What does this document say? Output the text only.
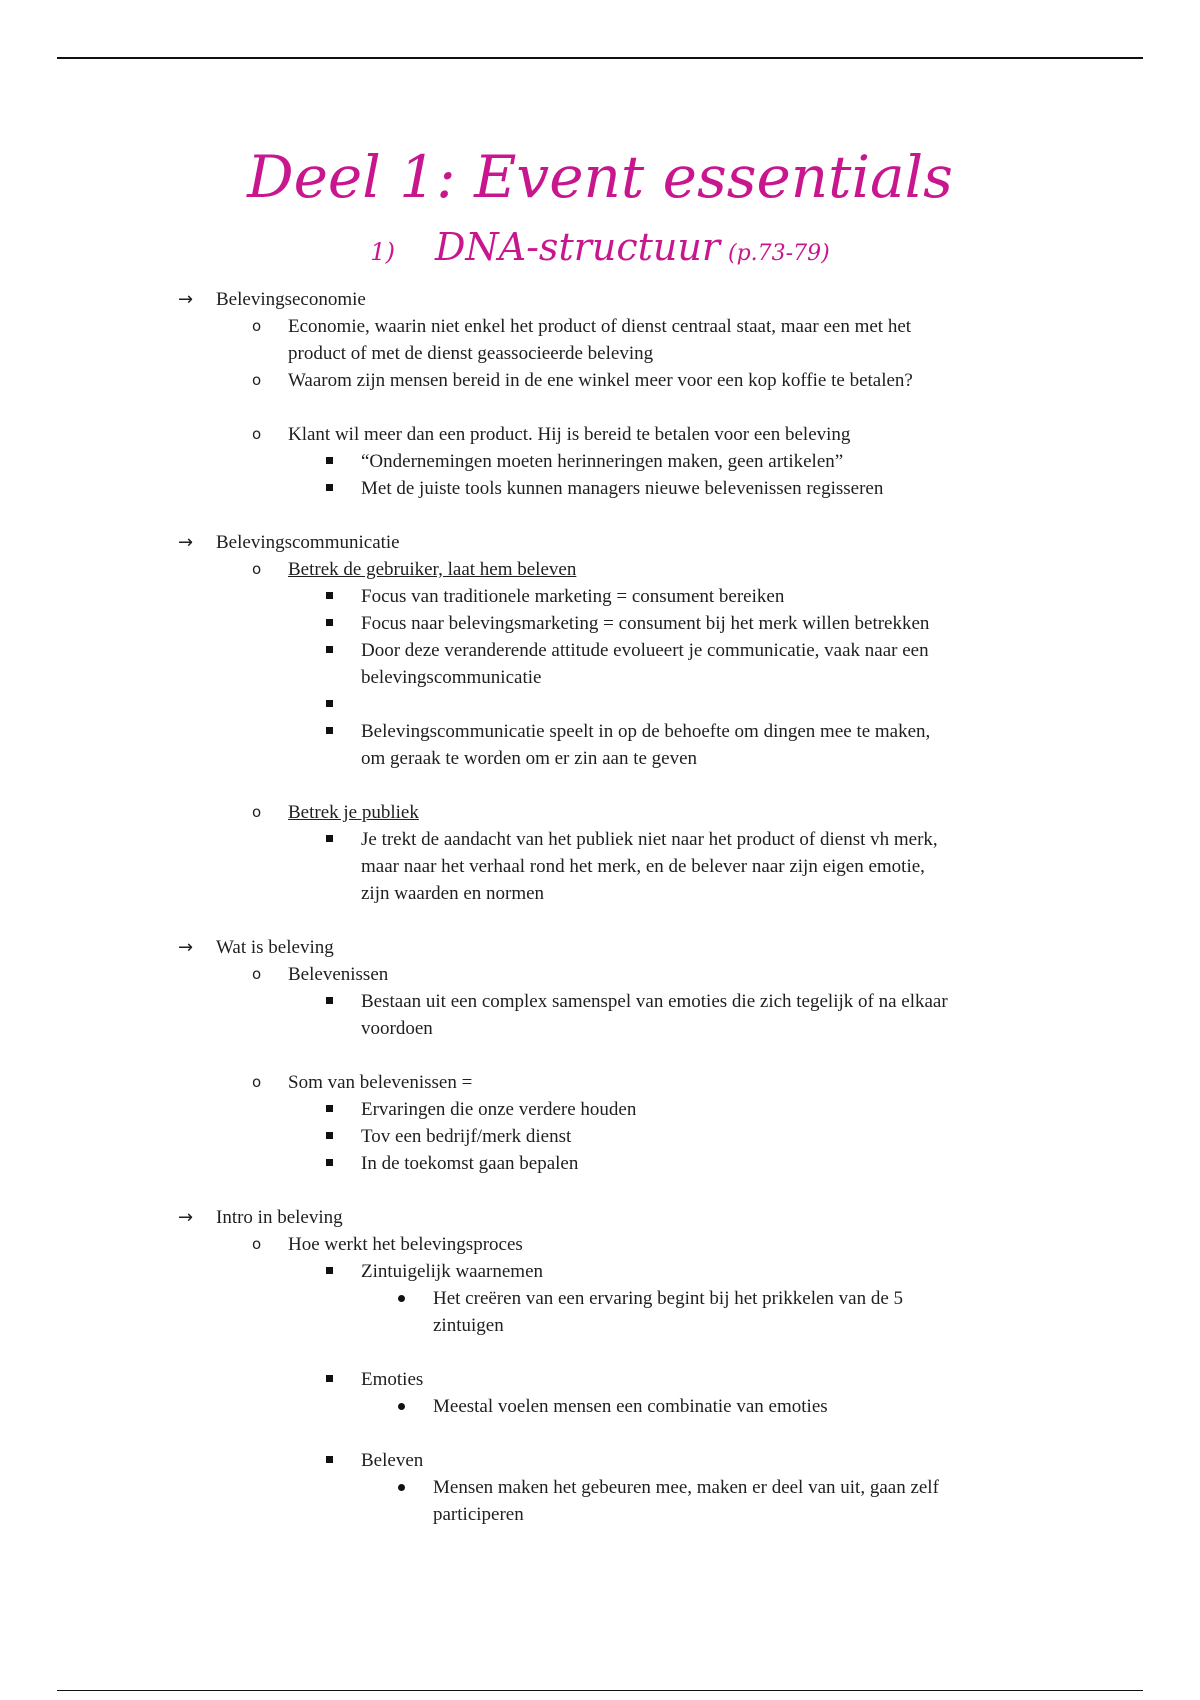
Deel 1: Event essentials
1) DNA-structuur (p.73-79)
→ Belevingseconomie
o Economie, waarin niet enkel het product of dienst centraal staat, maar een met het
product of met de dienst geassocieerde beleving
o Waarom zijn mensen bereid in de ene winkel meer voor een kop koffie te betalen?
o Klant wil meer dan een product. Hij is bereid te betalen voor een beleving
“Ondernemingen moeten herinneringen maken, geen artikelen”
Met de juiste tools kunnen managers nieuwe belevenissen regisseren
→ Belevingscommunicatie
o Betrek de gebruiker, laat hem beleven
Focus van traditionele marketing = consument bereiken
Focus naar belevingsmarketing = consument bij het merk willen betrekken
Door deze veranderende attitude evolueert je communicatie, vaak naar een
belevingscommunicatie
Belevingscommunicatie speelt in op de behoefte om dingen mee te maken,
om geraak te worden om er zin aan te geven
o Betrek je publiek
Je trekt de aandacht van het publiek niet naar het product of dienst vh merk,
maar naar het verhaal rond het merk, en de belever naar zijn eigen emotie,
zijn waarden en normen
→ Wat is beleving
o Belevenissen
Bestaan uit een complex samenspel van emoties die zich tegelijk of na elkaar
voordoen
o Som van belevenissen =
Ervaringen die onze verdere houden
Tov een bedrijf/merk dienst
In de toekomst gaan bepalen
→ Intro in beleving
o Hoe werkt het belevingsproces
Zintuigelijk waarnemen
Het creëren van een ervaring begint bij het prikkelen van de 5
zintuigen
Emoties
Meestal voelen mensen een combinatie van emoties
Beleven
Mensen maken het gebeuren mee, maken er deel van uit, gaan zelf
participeren
